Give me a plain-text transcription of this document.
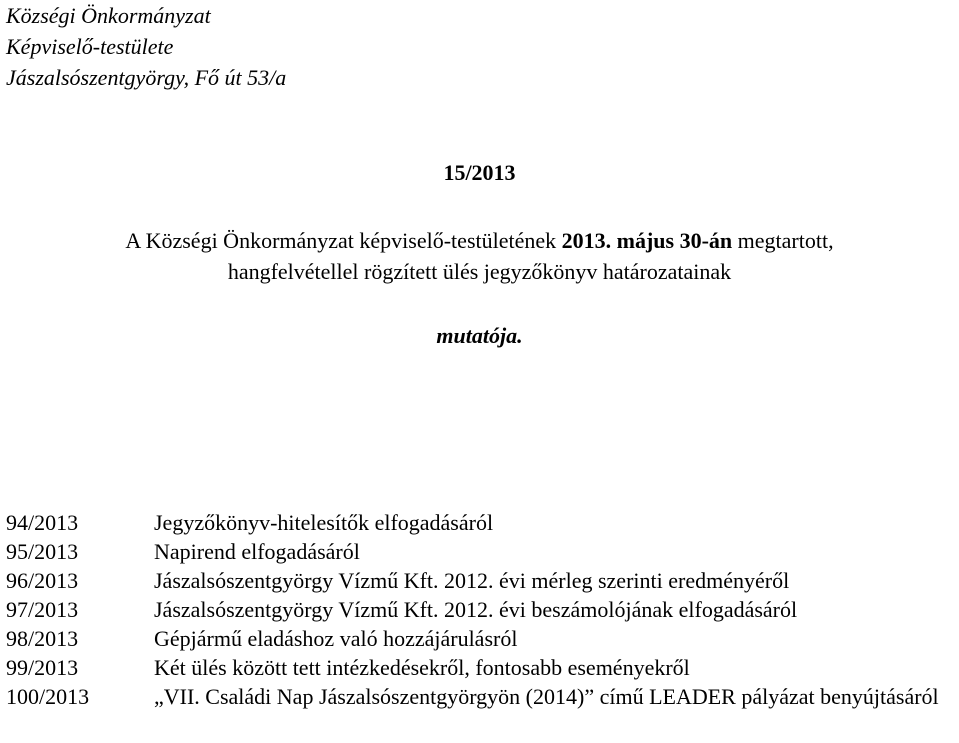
Községi Önkormányzat
Képviselő-testülete
Jászalsószentgyörgy, Fő út 53/a
15/2013
A Községi Önkormányzat képviselő-testületének 2013. május 30-án megtartott,
hangfelvétellel rögzített ülés jegyzőkönyv határozatainak
mutatója.
94/2013	Jegyzőkönyv-hitelesítők elfogadásáról
95/2013	Napirend elfogadásáról
96/2013	Jászalsószentgyörgy Vízmű Kft. 2012. évi mérleg szerinti eredményéről
97/2013	Jászalsószentgyörgy Vízmű Kft. 2012. évi beszámolójának elfogadásáról
98/2013	Gépjármű eladáshoz való hozzájárulásról
99/2013	Két ülés között tett intézkedésekről, fontosabb eseményekről
100/2013	„VII. Családi Nap Jászalsószentgyörgyön (2014)” című LEADER pályázat benyújtásáról
